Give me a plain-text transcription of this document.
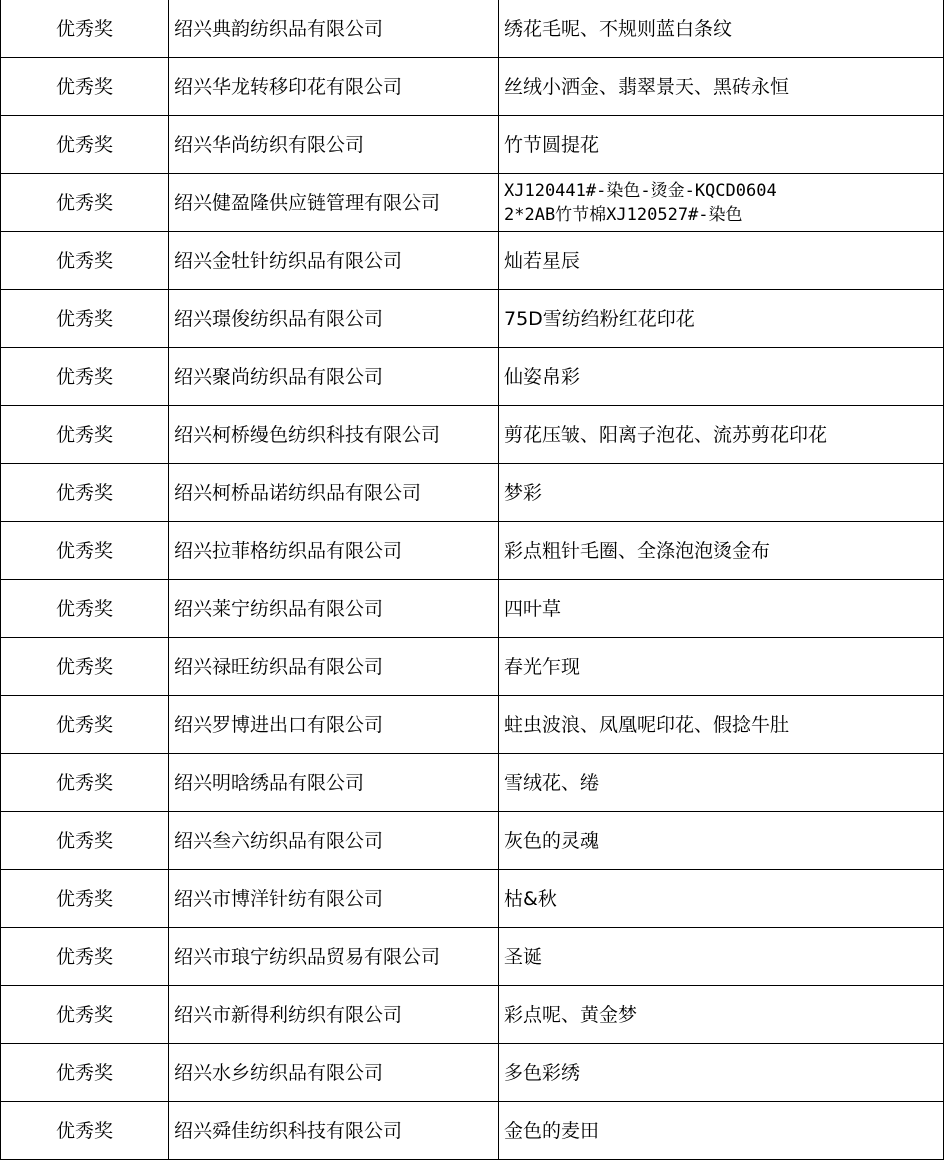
优秀奖	绍兴典韵纺织品有限公司	绣花毛呢、不规则蓝白条纹
优秀奖	绍兴华龙转移印花有限公司	丝绒小洒金、翡翠景天、黑砖永恒
优秀奖	绍兴华尚纺织有限公司	竹节圆提花
优秀奖	绍兴健盈隆供应链管理有限公司	XJ120441#-染色-烫金-KQCD0604
2*2AB竹节棉XJ120527#-染色

优秀奖	绍兴金牡针纺织品有限公司	灿若星辰
优秀奖	绍兴璟俊纺织品有限公司	75D雪纺绉粉红花印花
优秀奖	绍兴聚尚纺织品有限公司	仙姿帛彩
优秀奖	绍兴柯桥缦色纺织科技有限公司	剪花压皱、阳离子泡花、流苏剪花印花
优秀奖	绍兴柯桥品诺纺织品有限公司	梦彩
优秀奖	绍兴拉菲格纺织品有限公司	彩点粗针毛圈、全涤泡泡烫金布
优秀奖	绍兴莱宁纺织品有限公司	四叶草
优秀奖	绍兴禄旺纺织品有限公司	春光乍现
优秀奖	绍兴罗博进出口有限公司	蛀虫波浪、凤凰呢印花、假捻牛肚
优秀奖	绍兴明晗绣品有限公司	雪绒花、绻
优秀奖	绍兴叁六纺织品有限公司	灰色的灵魂
优秀奖	绍兴市博洋针纺有限公司	枯&秋
优秀奖	绍兴市琅宁纺织品贸易有限公司	圣诞
优秀奖	绍兴市新得利纺织有限公司	彩点呢、黄金梦
优秀奖	绍兴水乡纺织品有限公司	多色彩绣
优秀奖	绍兴舜佳纺织科技有限公司	金色的麦田
